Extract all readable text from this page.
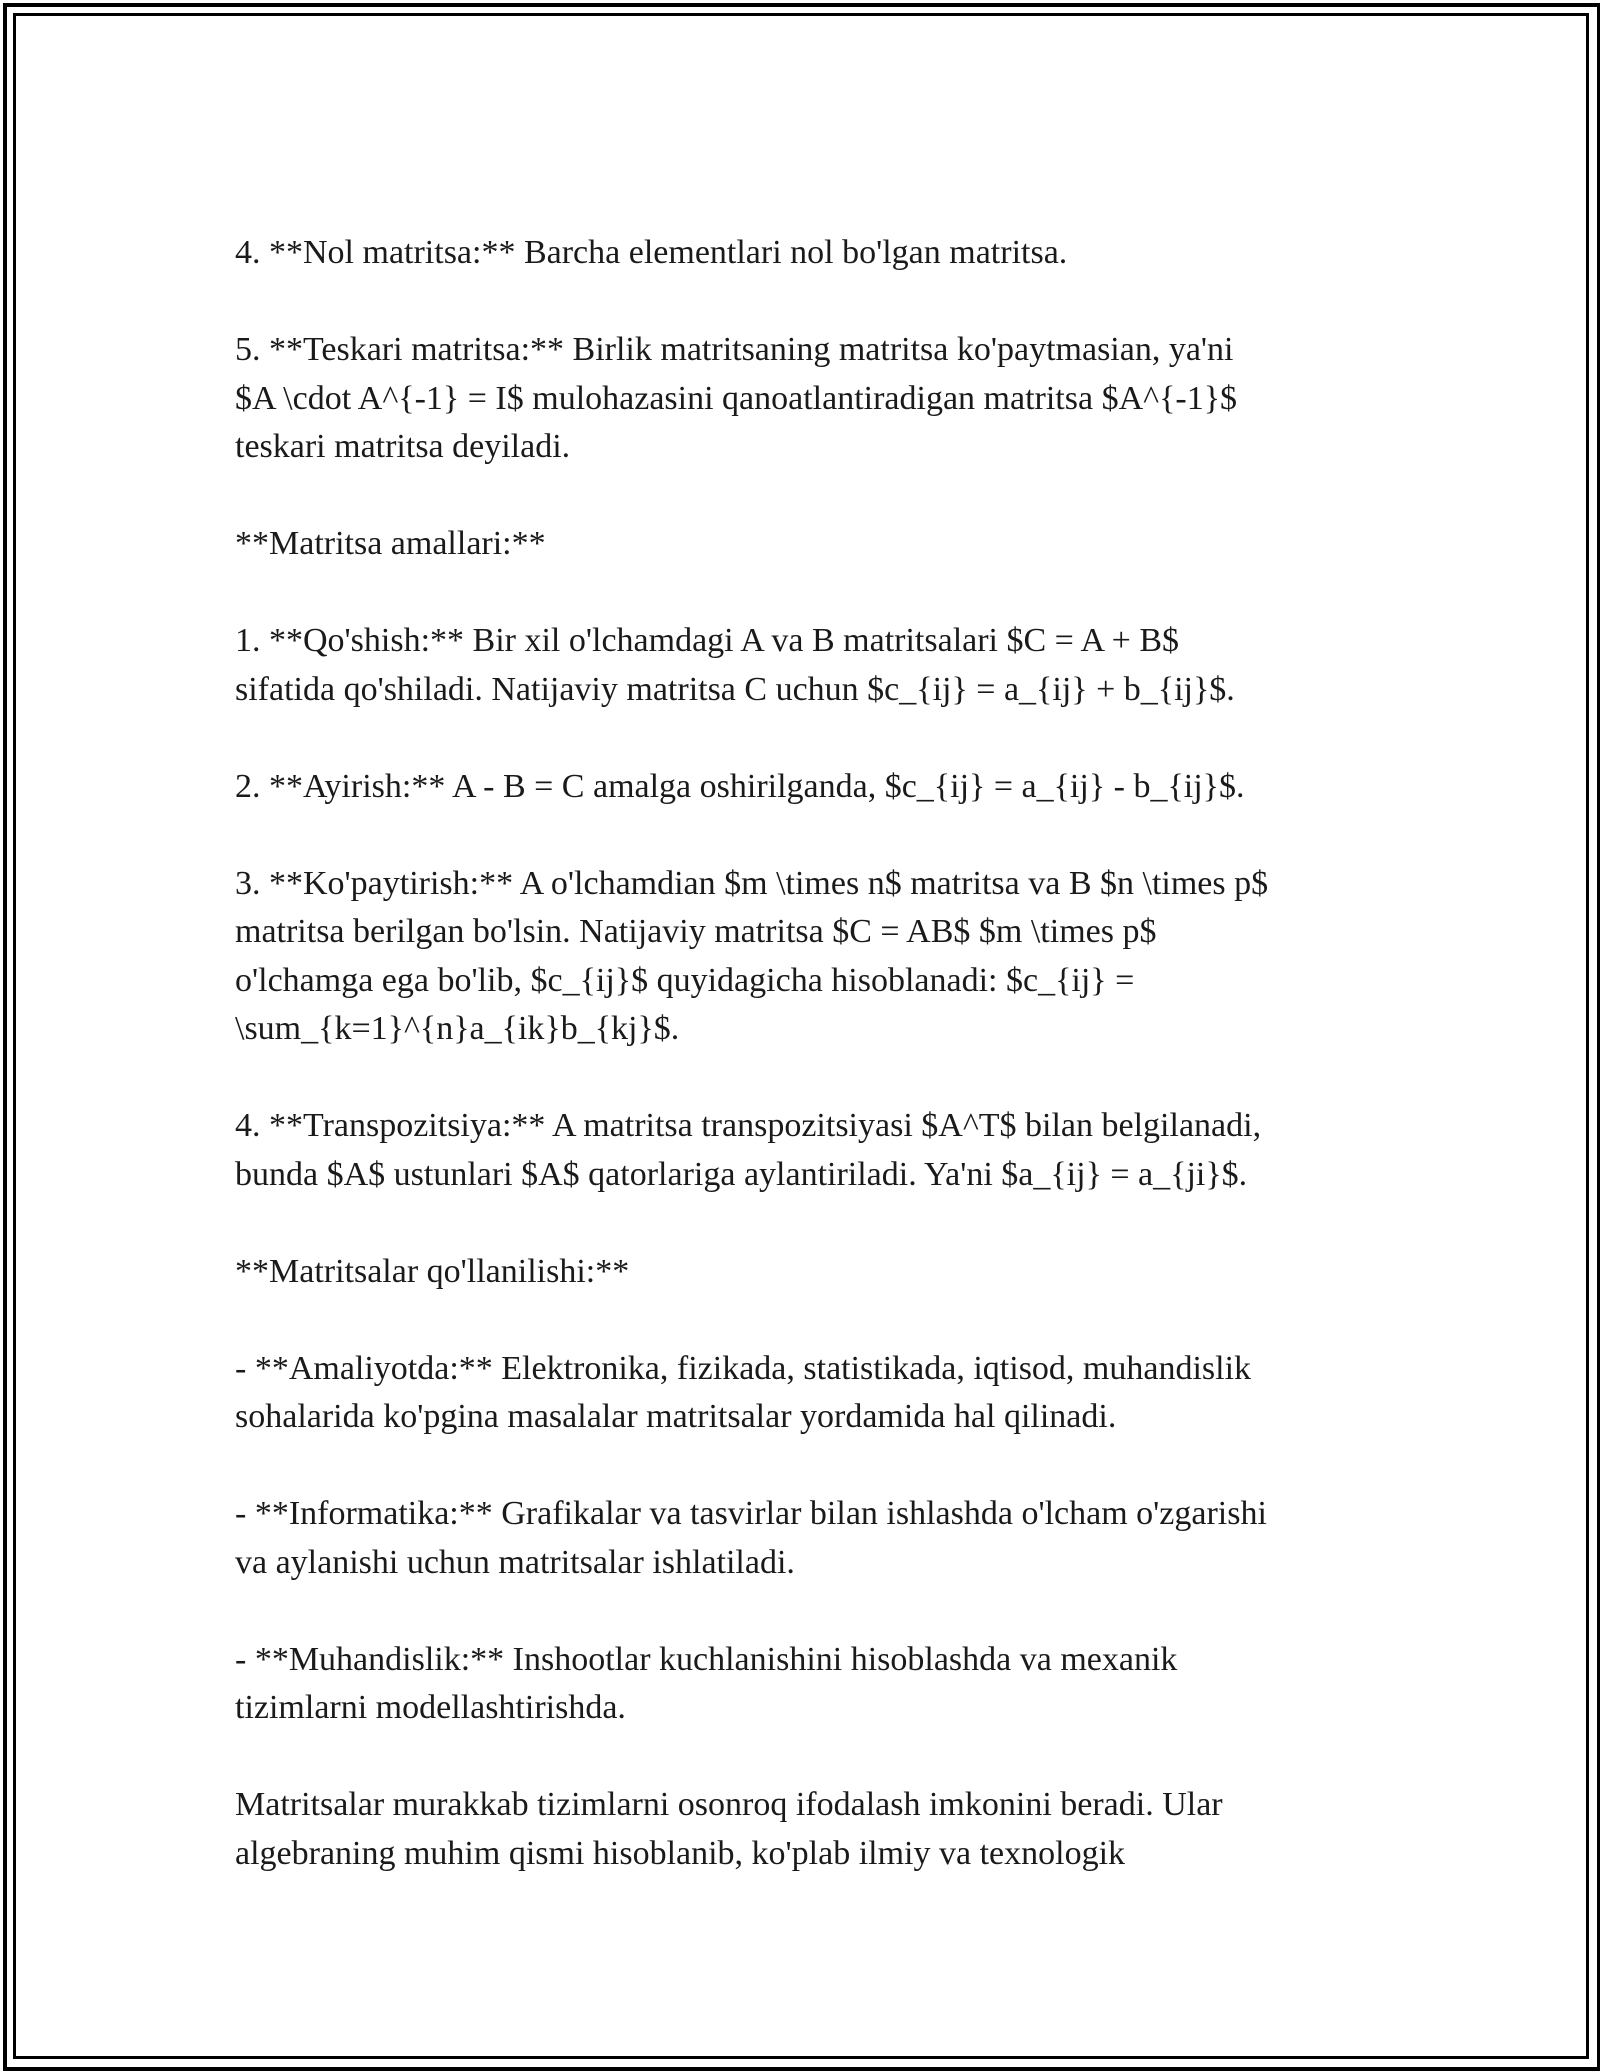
4. **Nol matritsa:** Barcha elementlari nol bo'lgan matritsa.

5. **Teskari matritsa:** Birlik matritsaning matritsa ko'paytmasian, ya'ni
$A \cdot A^{-1} = I$ mulohazasini qanoatlantiradigan matritsa $A^{-1}$
teskari matritsa deyiladi.

**Matritsa amallari:**

1. **Qo'shish:** Bir xil o'lchamdagi A va B matritsalari $C = A + B$
sifatida qo'shiladi. Natijaviy matritsa C uchun $c_{ij} = a_{ij} + b_{ij}$.

2. **Ayirish:** A - B = C amalga oshirilganda, $c_{ij} = a_{ij} - b_{ij}$.

3. **Ko'paytirish:** A o'lchamdian $m \times n$ matritsa va B $n \times p$
matritsa berilgan bo'lsin. Natijaviy matritsa $C = AB$ $m \times p$
o'lchamga ega bo'lib, $c_{ij}$ quyidagicha hisoblanadi: $c_{ij} =
\sum_{k=1}^{n}a_{ik}b_{kj}$.

4. **Transpozitsiya:** A matritsa transpozitsiyasi $A^T$ bilan belgilanadi,
bunda $A$ ustunlari $A$ qatorlariga aylantiriladi. Ya'ni $a_{ij} = a_{ji}$.

**Matritsalar qo'llanilishi:**

- **Amaliyotda:** Elektronika, fizikada, statistikada, iqtisod, muhandislik
sohalarida ko'pgina masalalar matritsalar yordamida hal qilinadi.

- **Informatika:** Grafikalar va tasvirlar bilan ishlashda o'lcham o'zgarishi
va aylanishi uchun matritsalar ishlatiladi.

- **Muhandislik:** Inshootlar kuchlanishini hisoblashda va mexanik
tizimlarni modellashtirishda.

Matritsalar murakkab tizimlarni osonroq ifodalash imkonini beradi. Ular
algebraning muhim qismi hisoblanib, ko'plab ilmiy va texnologik
